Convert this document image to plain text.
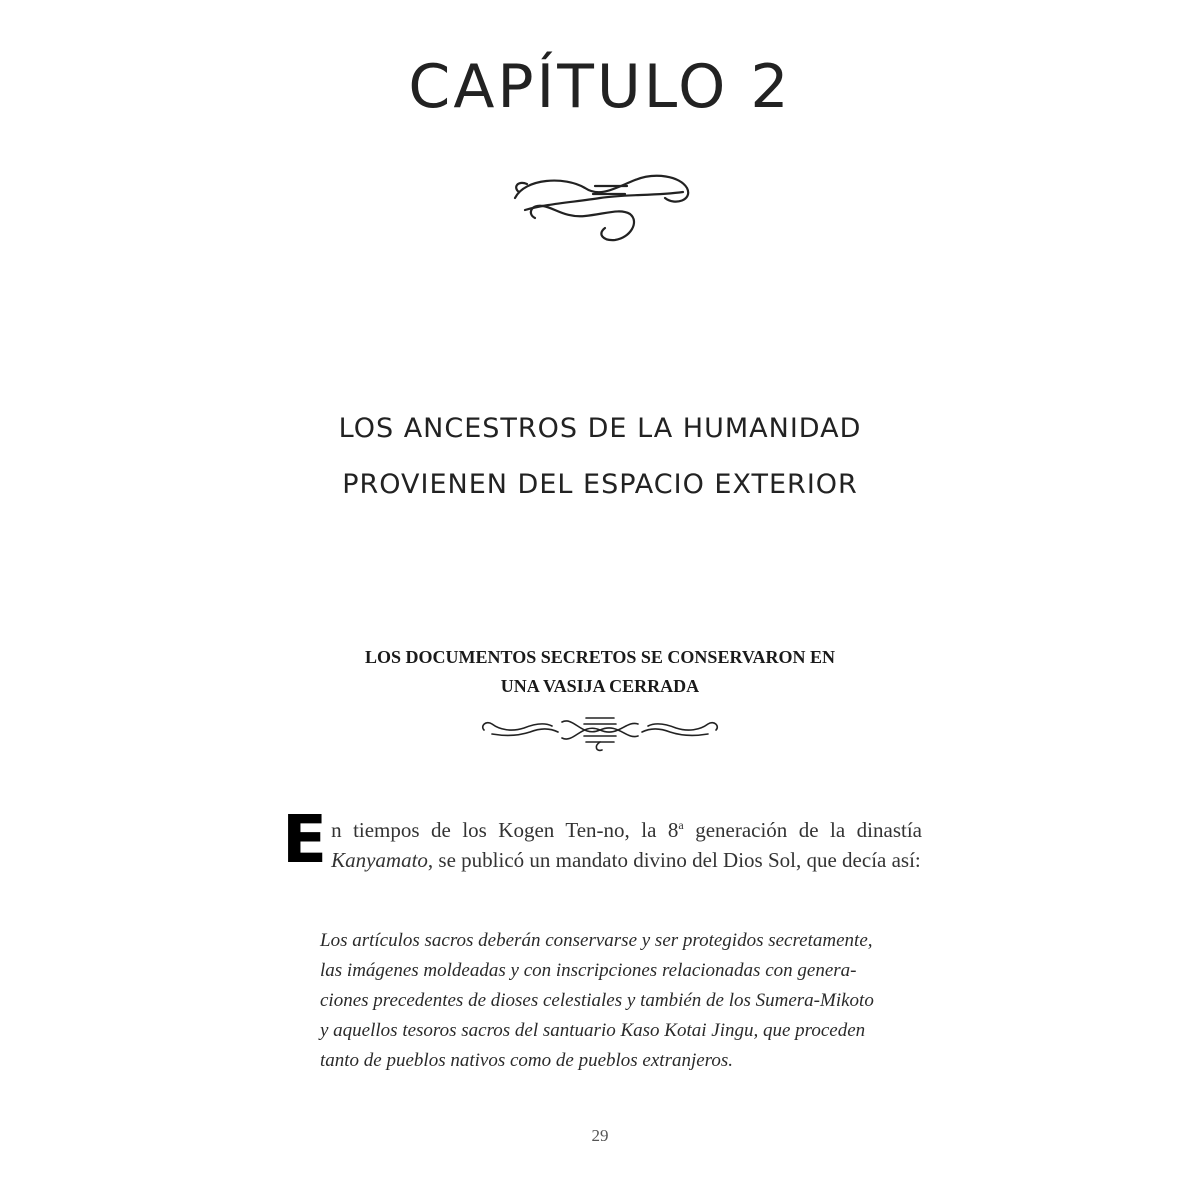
CAPÍTULO 2
LOS ANCESTROS DE LA HUMANIDAD
PROVIENEN DEL ESPACIO EXTERIOR
LOS DOCUMENTOS SECRETOS SE CONSERVARON EN
UNA VASIJA CERRADA
En tiempos de los Kogen Ten-no, la 8$^a$ generación de la dinastía Kanyamato, se publicó un mandato divino del Dios Sol, que decía así:
Los artículos sacros deberán conservarse y ser protegidos secretamente,
las imágenes moldeadas y con inscripciones relacionadas con genera-
ciones precedentes de dioses celestiales y también de los Sumera-Mikoto
y aquellos tesoros sacros del santuario Kaso Kotai Jingu, que proceden
tanto de pueblos nativos como de pueblos extranjeros.
29
